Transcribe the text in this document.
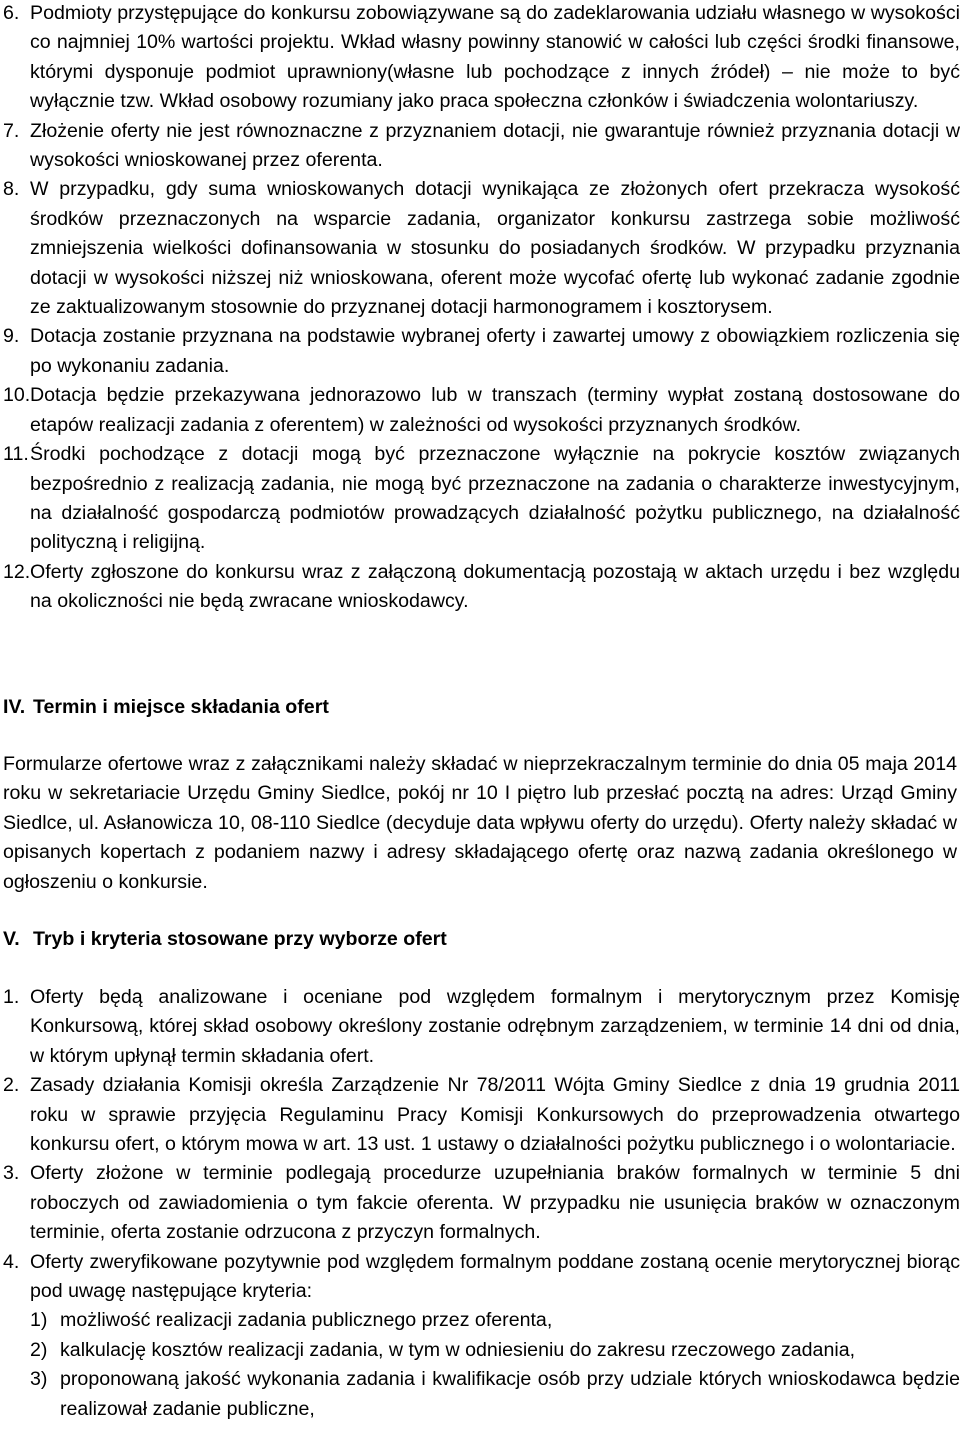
6. Podmioty przystępujące do konkursu zobowiązywane są do zadeklarowania udziału własnego w wysokości co najmniej 10% wartości projektu. Wkład własny powinny stanowić w całości lub części środki finansowe, którymi dysponuje podmiot uprawniony(własne lub pochodzące z innych źródeł) – nie może to być wyłącznie tzw. Wkład osobowy rozumiany jako praca społeczna członków i świadczenia wolontariuszy.
7. Złożenie oferty nie jest równoznaczne z przyznaniem dotacji, nie gwarantuje również przyznania dotacji w wysokości wnioskowanej przez oferenta.
8. W przypadku, gdy suma wnioskowanych dotacji wynikająca ze złożonych ofert przekracza wysokość środków przeznaczonych na wsparcie zadania, organizator konkursu zastrzega sobie możliwość zmniejszenia wielkości dofinansowania w stosunku do posiadanych środków. W przypadku przyznania dotacji w wysokości niższej niż wnioskowana, oferent może wycofać ofertę lub wykonać zadanie zgodnie ze zaktualizowanym stosownie do przyznanej dotacji harmonogramem i kosztorysem.
9. Dotacja zostanie przyznana na podstawie wybranej oferty i zawartej umowy z obowiązkiem rozliczenia się po wykonaniu zadania.
10. Dotacja będzie przekazywana jednorazowo lub w transzach (terminy wypłat zostaną dostosowane do etapów realizacji zadania z oferentem) w zależności od wysokości przyznanych środków.
11. Środki pochodzące z dotacji mogą być przeznaczone wyłącznie na pokrycie kosztów związanych bezpośrednio z realizacją zadania, nie mogą być przeznaczone na zadania o charakterze inwestycyjnym, na działalność gospodarczą podmiotów prowadzących działalność pożytku publicznego, na działalność polityczną i religijną.
12. Oferty zgłoszone do konkursu wraz z załączoną dokumentacją pozostają w aktach urzędu i bez względu na okoliczności nie będą zwracane wnioskodawcy.
IV. Termin i miejsce składania ofert
Formularze ofertowe wraz z załącznikami należy składać w nieprzekraczalnym terminie do dnia 05 maja 2014 roku w sekretariacie Urzędu Gminy Siedlce, pokój nr 10 I piętro lub przesłać pocztą na adres: Urząd Gminy Siedlce, ul. Asłanowicza 10, 08-110 Siedlce (decyduje data wpływu oferty do urzędu). Oferty należy składać w opisanych kopertach z podaniem nazwy i adresy składającego ofertę oraz nazwą zadania określonego w ogłoszeniu o konkursie.
V. Tryb i kryteria stosowane przy wyborze ofert
1. Oferty będą analizowane i oceniane pod względem formalnym i merytorycznym przez Komisję Konkursową, której skład osobowy określony zostanie odrębnym zarządzeniem, w terminie 14 dni od dnia, w którym upłynął termin składania ofert.
2. Zasady działania Komisji określa Zarządzenie Nr 78/2011 Wójta Gminy Siedlce z dnia 19 grudnia 2011 roku w sprawie przyjęcia Regulaminu Pracy Komisji Konkursowych do przeprowadzenia otwartego konkursu ofert, o którym mowa w art. 13 ust. 1 ustawy o działalności pożytku publicznego i o wolontariacie.
3. Oferty złożone w terminie podlegają procedurze uzupełniania braków formalnych w terminie 5 dni roboczych od zawiadomienia o tym fakcie oferenta. W przypadku nie usunięcia braków w oznaczonym terminie, oferta zostanie odrzucona z przyczyn formalnych.
4. Oferty zweryfikowane pozytywnie pod względem formalnym poddane zostaną ocenie merytorycznej biorąc pod uwagę następujące kryteria:
1) możliwość realizacji zadania publicznego przez oferenta,
2) kalkulację kosztów realizacji zadania, w tym w odniesieniu do zakresu rzeczowego zadania,
3) proponowaną jakość wykonania zadania i kwalifikacje osób przy udziale których wnioskodawca będzie realizował zadanie publiczne,
